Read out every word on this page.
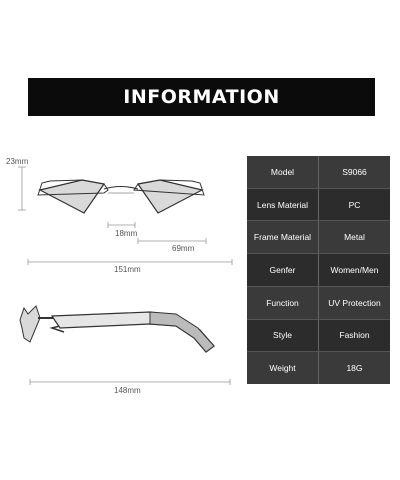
INFORMATION
23mm
18mm
69mm
151mm
148mm
Model	S9066
Lens Material	PC
Frame Material	Metal
Genfer	Women/Men
Function	UV Protection
Style	Fashion
Weight	18G
